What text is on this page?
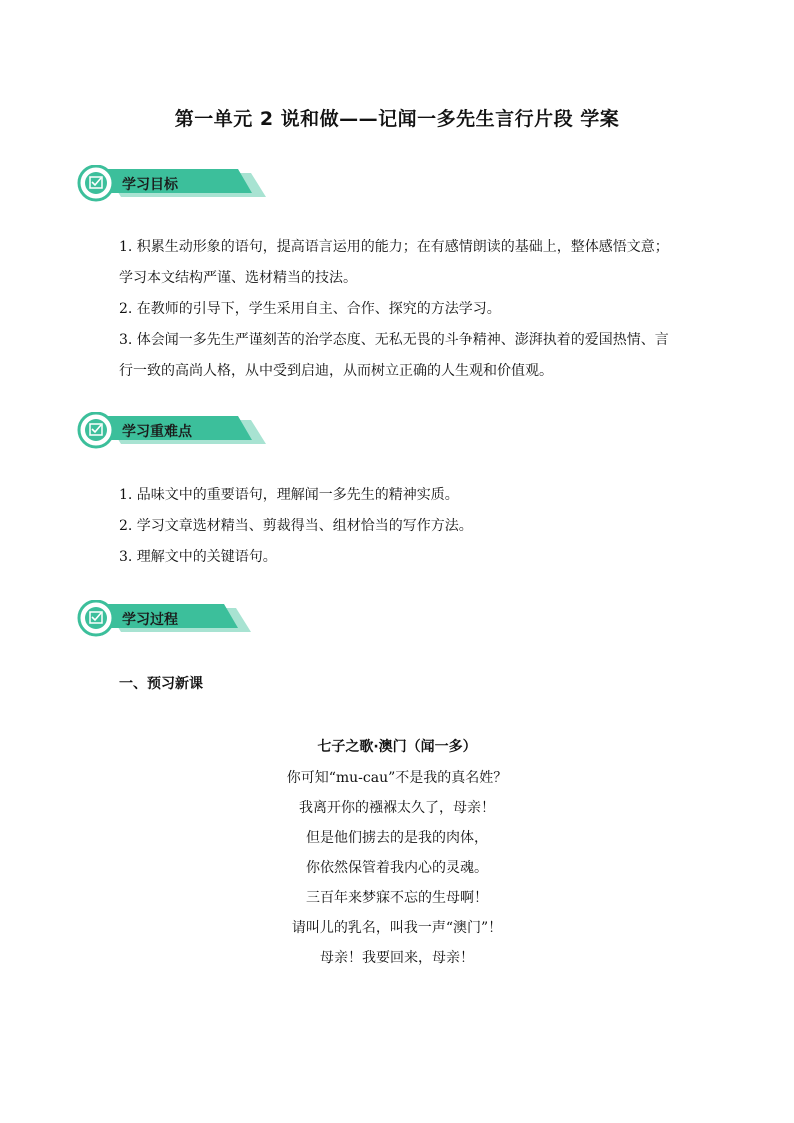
第一单元 2 说和做——记闻一多先生言行片段 学案
学习目标

1. 积累生动形象的语句，提高语言运用的能力；在有感情朗读的基础上，整体感悟文意；学习本文结构严谨、选材精当的技法。

2. 在教师的引导下，学生采用自主、合作、探究的方法学习。

3. 体会闻一多先生严谨刻苦的治学态度、无私无畏的斗争精神、澎湃执着的爱国热情、言行一致的高尚人格，从中受到启迪，从而树立正确的人生观和价值观。

学习重难点

1. 品味文中的重要语句，理解闻一多先生的精神实质。

2. 学习文章选材精当、剪裁得当、组材恰当的写作方法。

3. 理解文中的关键语句。

学习过程
一、预习新课
七子之歌·澳门（闻一多）
你可知“mu-cau”不是我的真名姓？
我离开你的襁褓太久了，母亲！
但是他们掳去的是我的肉体，
你依然保管着我内心的灵魂。
三百年来梦寐不忘的生母啊！
请叫儿的乳名，叫我一声“澳门”！
母亲！我要回来，母亲！
